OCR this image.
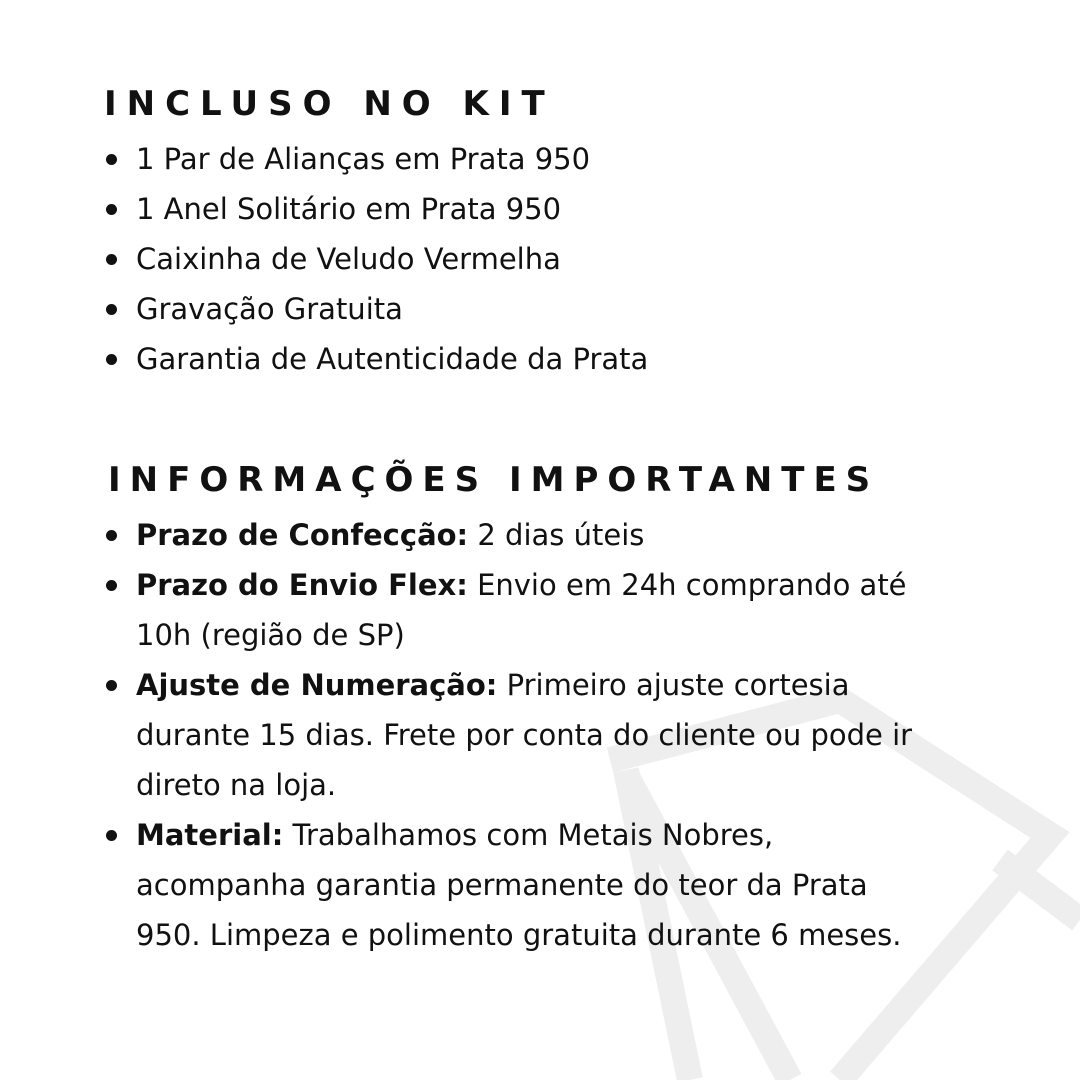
INCLUSO NO KIT
1 Par de Alianças em Prata 950
1 Anel Solitário em Prata 950
Caixinha de Veludo Vermelha
Gravação Gratuita
Garantia de Autenticidade da Prata
INFORMAÇÕES IMPORTANTES
Prazo de Confecção: 2 dias úteis
Prazo do Envio Flex: Envio em 24h comprando até 10h (região de SP)
Ajuste de Numeração: Primeiro ajuste cortesia durante 15 dias. Frete por conta do cliente ou pode ir direto na loja.
Material: Trabalhamos com Metais Nobres, acompanha garantia permanente do teor da Prata 950. Limpeza e polimento gratuita durante 6 meses.
